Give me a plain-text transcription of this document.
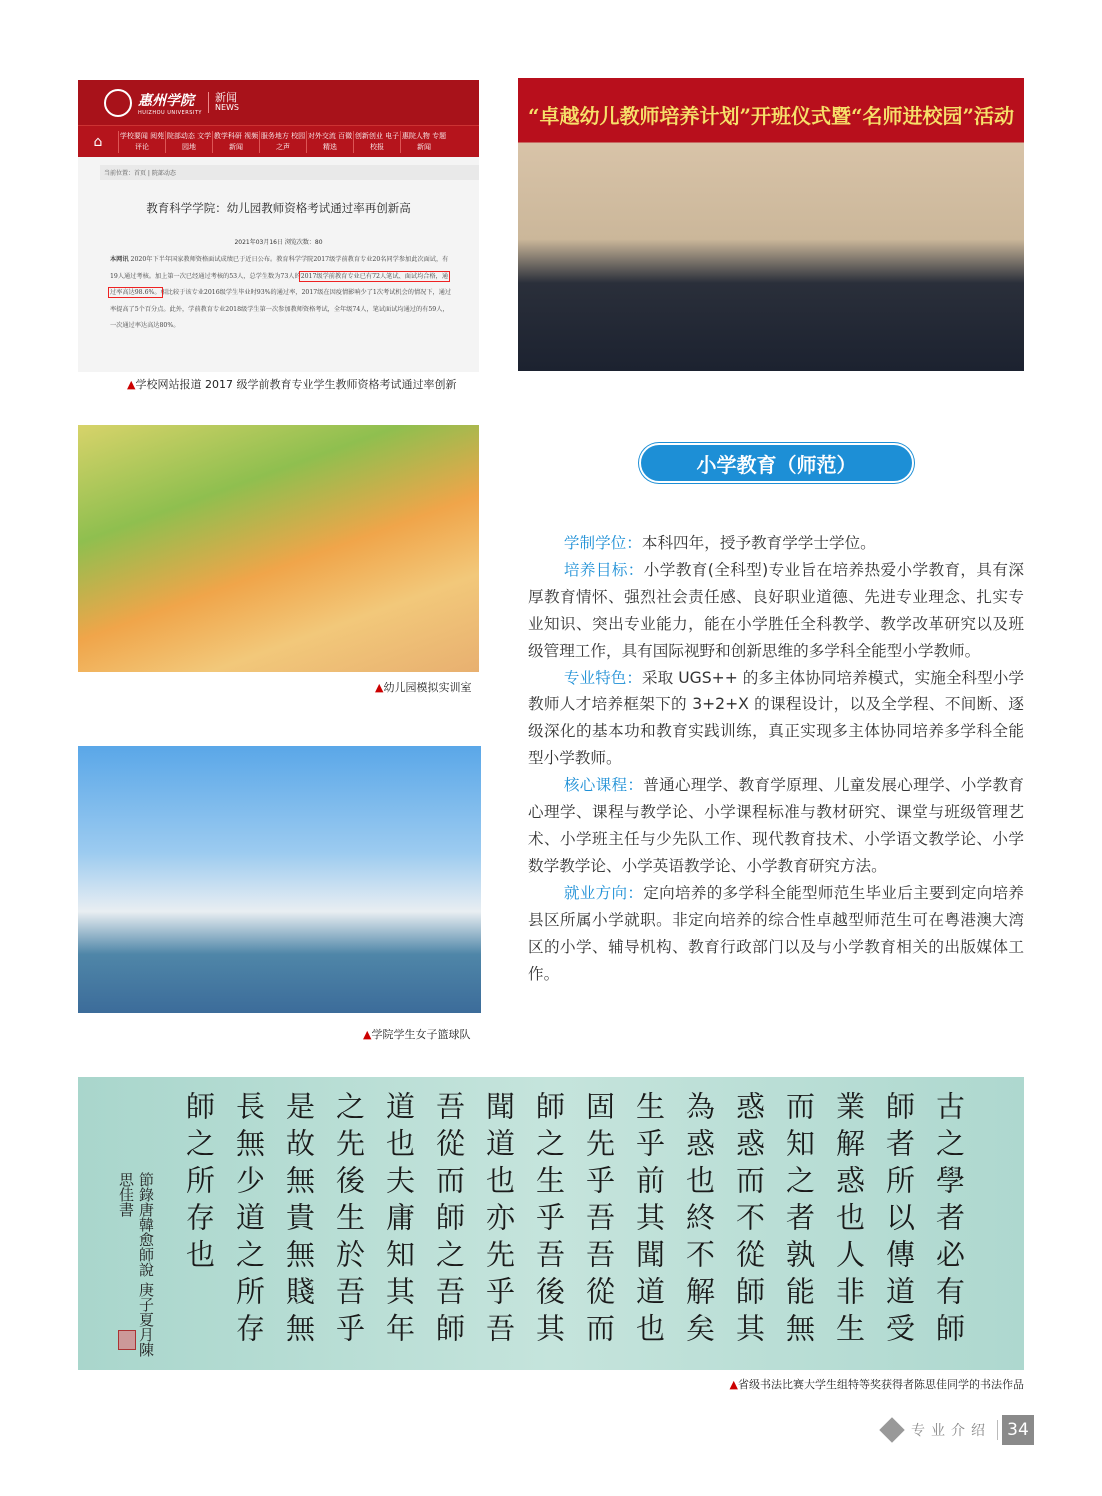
惠州学院
HUIZHOU UNIVERSITY
新闻
NEWS
⌂	学校要闻 阅苑评论
院部动态 文学园地
教学科研 视频新闻
服务地方 校园之声
对外交流 百微精选
创新创业 电子校报
惠院人物 专题新闻
当前位置：首页 | 院部动态
教育科学学院：幼儿园教师资格考试通过率再创新高
2021年03月16日 浏览次数：80
本网讯 2020年下半年国家教师资格面试成绩已于近日公布。教育科学学院2017级学前教育专业20名同学参加此次面试，有19人通过考核。加上第一次已经通过考核的53人，总学生数为73人的2017级学前教育专业已有72人笔试、面试均合格，通过率高达98.6%。相比较于该专业2016级学生毕业时93%的通过率，2017级在因疫情影响少了1次考试机会的情况下，通过率提高了5个百分点。此外，学前教育专业2018级学生第一次参加教师资格考试，全年级74人，笔试面试均通过的有59人，一次通过率达高达80%。
▲学校网站报道 2017 级学前教育专业学生教师资格考试通过率创新
“卓越幼儿教师培养计划”开班仪式暨“名师进校园”活动
▲幼儿园模拟实训室
▲学院学生女子篮球队
小学教育（师范）

学制学位：本科四年，授予教育学学士学位。

培养目标：小学教育(全科型)专业旨在培养热爱小学教育，具有深厚教育情怀、强烈社会责任感、良好职业道德、先进专业理念、扎实专业知识、突出专业能力，能在小学胜任全科教学、教学改革研究以及班级管理工作，具有国际视野和创新思维的多学科全能型小学教师。

专业特色：采取 UGS++ 的多主体协同培养模式，实施全科型小学教师人才培养框架下的 3+2+X 的课程设计，以及全学程、不间断、逐级深化的基本功和教育实践训练，真正实现多主体协同培养多学科全能型小学教师。

核心课程：普通心理学、教育学原理、儿童发展心理学、小学教育心理学、课程与教学论、小学课程标准与教材研究、课堂与班级管理艺术、小学班主任与少先队工作、现代教育技术、小学语文教学论、小学数学教学论、小学英语教学论、小学教育研究方法。

就业方向：定向培养的多学科全能型师范生毕业后主要到定向培养县区所属小学就职。非定向培养的综合性卓越型师范生可在粤港澳大湾区的小学、辅导机构、教育行政部门以及与小学教育相关的出版媒体工作。

古之學者必有師師者所以傳道受業解惑也人非生而知之者孰能無惑惑而不從師其為惑也終不解矣生乎前其聞道也固先乎吾吾從而師之生乎吾後其聞道也亦先乎吾吾從而師之吾師道也夫庸知其年之先後生於吾乎是故無貴無賤無長無少道之所存師之所存也
節錄唐韓愈師說 庚子夏月陳思佳書
▲省级书法比赛大学生组特等奖获得者陈思佳同学的书法作品
专业介绍 34
